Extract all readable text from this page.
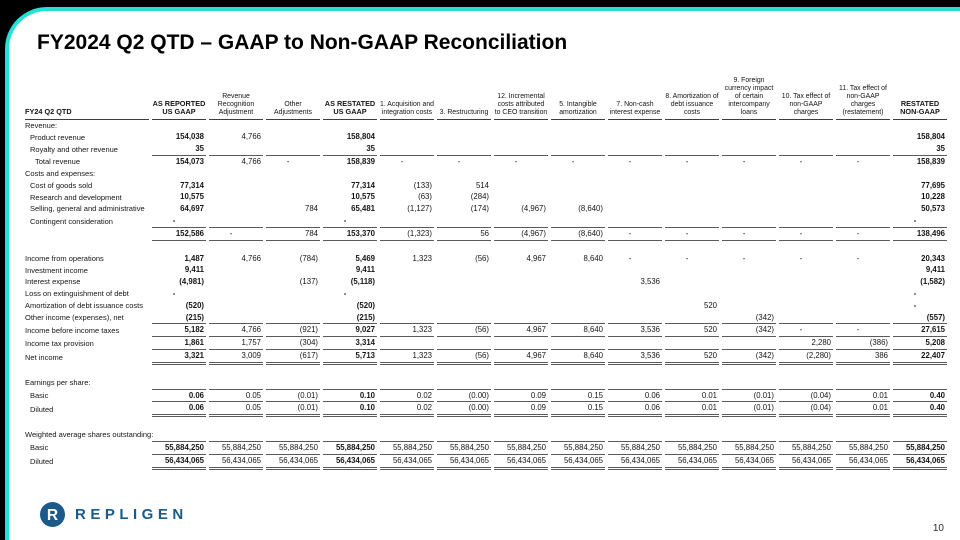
FY2024 Q2 QTD – GAAP to Non-GAAP Reconciliation
FY24 Q2 QTD	AS REPORTED US GAAP	Revenue Recognition Adjustment	Other Adjustments	AS RESTATED US GAAP	1. Acquisition and integration costs	3. Restructuring	12. Incremental costs attributed to CEO transition	5. Intangible amortization	7. Non-cash interest expense	8. Amortization of debt issuance costs	9. Foreign currency impact of certain intercompany loans	10. Tax effect of non-GAAP charges	11. Tax effect of non-GAAP charges (restatement)	RESTATED NON-GAAP
Revenue:														
Product revenue	154,038	4,766		158,804										158,804
Royalty and other revenue	35			35										35
Total revenue	154,073	4,766	-	158,839	-	-	-	-	-	-	-	-	-	158,839
Costs and expenses:														
Cost of goods sold	77,314			77,314	(133)	514								77,695
Research and development	10,575			10,575	(63)	(284)								10,228
Selling, general and administrative	64,697		784	65,481	(1,127)	(174)	(4,967)	(8,640)						50,573
Contingent consideration	-			-										-
	152,586	-	784	153,370	(1,323)	56	(4,967)	(8,640)	-	-	-	-	-	138,496

Income from operations	1,487	4,766	(784)	5,469	1,323	(56)	4,967	8,640	-	-	-	-	-	20,343
Investment income	9,411			9,411										9,411
Interest expense	(4,981)		(137)	(5,118)					3,536					(1,582)
Loss on extinguishment of debt	-			-										-
Amortization of debt issuance costs	(520)			(520)						520				-
Other income (expenses), net	(215)			(215)							(342)			(557)
Income before income taxes	5,182	4,766	(921)	9,027	1,323	(56)	4,967	8,640	3,536	520	(342)	-	-	27,615
Income tax provision	1,861	1,757	(304)	3,314								2,280	(386)	5,208
Net income	3,321	3,009	(617)	5,713	1,323	(56)	4,967	8,640	3,536	520	(342)	(2,280)	386	22,407

Earnings per share:														
Basic	0.06	0.05	(0.01)	0.10	0.02	(0.00)	0.09	0.15	0.06	0.01	(0.01)	(0.04)	0.01	0.40
Diluted	0.06	0.05	(0.01)	0.10	0.02	(0.00)	0.09	0.15	0.06	0.01	(0.01)	(0.04)	0.01	0.40

Weighted average shares outstanding:														
Basic	55,884,250	55,884,250	55,884,250	55,884,250	55,884,250	55,884,250	55,884,250	55,884,250	55,884,250	55,884,250	55,884,250	55,884,250	55,884,250	55,884,250
Diluted	56,434,065	56,434,065	56,434,065	56,434,065	56,434,065	56,434,065	56,434,065	56,434,065	56,434,065	56,434,065	56,434,065	56,434,065	56,434,065	56,434,065
R REPLIGEN
10
